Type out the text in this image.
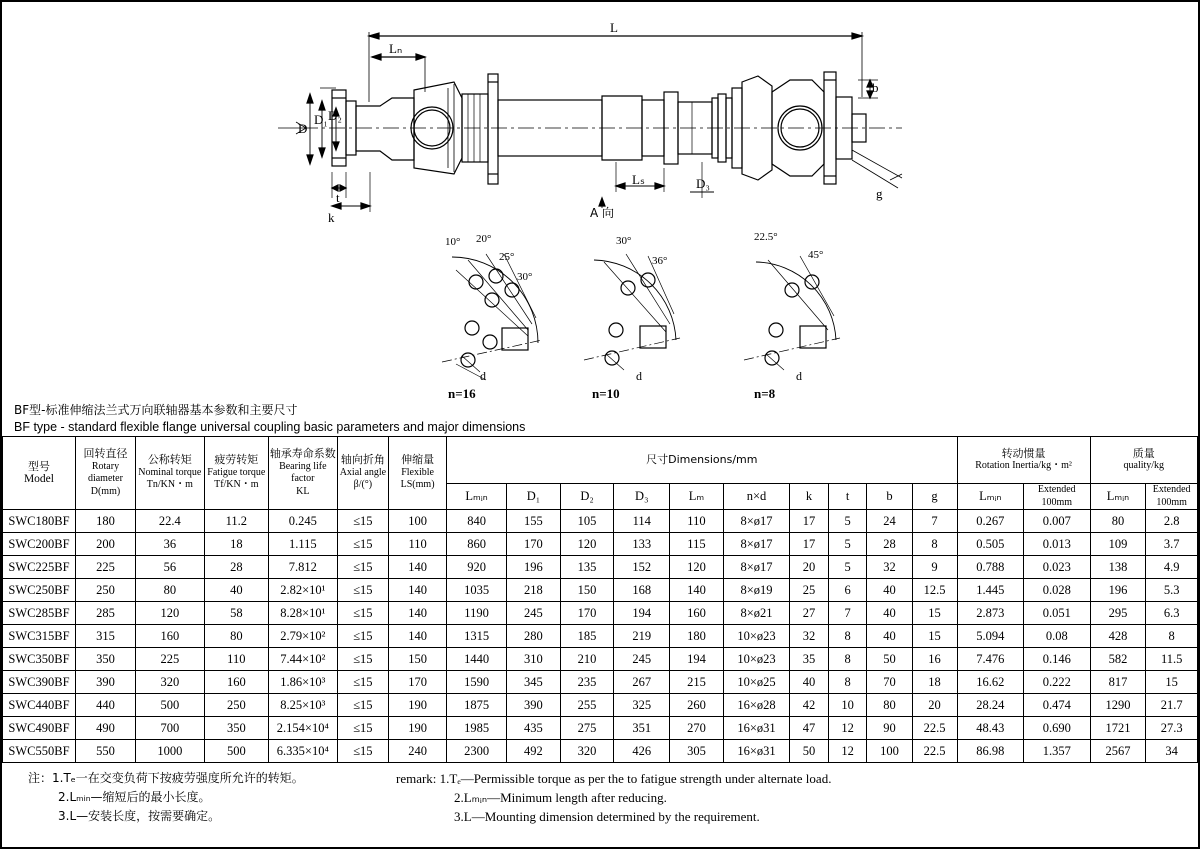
L
Lₙ
Lₛ
D
D₁ D₂
D₃
t
k
b
g
A 向
10° 20°
25°
30°
30°
36°
22.5°
45°
d	d	d
n=16	n=10	n=8
BF型-标准伸缩法兰式万向联轴器基本参数和主要尺寸
BF type - standard flexible flange universal coupling basic parameters and major dimensions
型号
Model

回转直径
Rotary diameter
D(mm)

公称转矩
Nominal torque
Tn/KN・m

疲劳转矩
Fatigue torque
Tf/KN・m

轴承寿命系数
Bearing life factor
KL

轴向折角
Axial angle
β/(°)

伸缩量
Flexible
LS(mm)
	尺寸Dimensions/mm	
转动惯量
Rotation Inertia/kg・m²

质量
quality/kg

Lₘᵢₙ	D₁	D₂	D₃	Lₘ	n×d	k	t	b	g	Lₘᵢₙ	Extended
100mm	Lₘᵢₙ	Extended
100mm

SWC180BF	180	22.4	11.2	0.245	≤15	100	840	155	105	114	110	8×ø17	17	5	24	7	0.267	0.007	80	2.8
SWC200BF	200	36	18	1.115	≤15	110	860	170	120	133	115	8×ø17	17	5	28	8	0.505	0.013	109	3.7
SWC225BF	225	56	28	7.812	≤15	140	920	196	135	152	120	8×ø17	20	5	32	9	0.788	0.023	138	4.9
SWC250BF	250	80	40	2.82×10¹	≤15	140	1035	218	150	168	140	8×ø19	25	6	40	12.5	1.445	0.028	196	5.3
SWC285BF	285	120	58	8.28×10¹	≤15	140	1190	245	170	194	160	8×ø21	27	7	40	15	2.873	0.051	295	6.3
SWC315BF	315	160	80	2.79×10²	≤15	140	1315	280	185	219	180	10×ø23	32	8	40	15	5.094	0.08	428	8
SWC350BF	350	225	110	7.44×10²	≤15	150	1440	310	210	245	194	10×ø23	35	8	50	16	7.476	0.146	582	11.5
SWC390BF	390	320	160	1.86×10³	≤15	170	1590	345	235	267	215	10×ø25	40	8	70	18	16.62	0.222	817	15
SWC440BF	440	500	250	8.25×10³	≤15	190	1875	390	255	325	260	16×ø28	42	10	80	20	28.24	0.474	1290	21.7
SWC490BF	490	700	350	2.154×10⁴	≤15	190	1985	435	275	351	270	16×ø31	47	12	90	22.5	48.43	0.690	1721	27.3
SWC550BF	550	1000	500	6.335×10⁴	≤15	240	2300	492	320	426	305	16×ø31	50	12	100	22.5	86.98	1.357	2567	34
注：1.Tₑ一在交变负荷下按疲劳强度所允许的转矩。
2.Lₘᵢₙ—缩短后的最小长度。
3.L—安装长度，按需要确定。
remark: 1.Tₑ—Permissible torque as per the to fatigue strength under alternate load.
2.Lₘᵢₙ—Minimum length after reducing.
3.L—Mounting dimension determined by the requirement.
